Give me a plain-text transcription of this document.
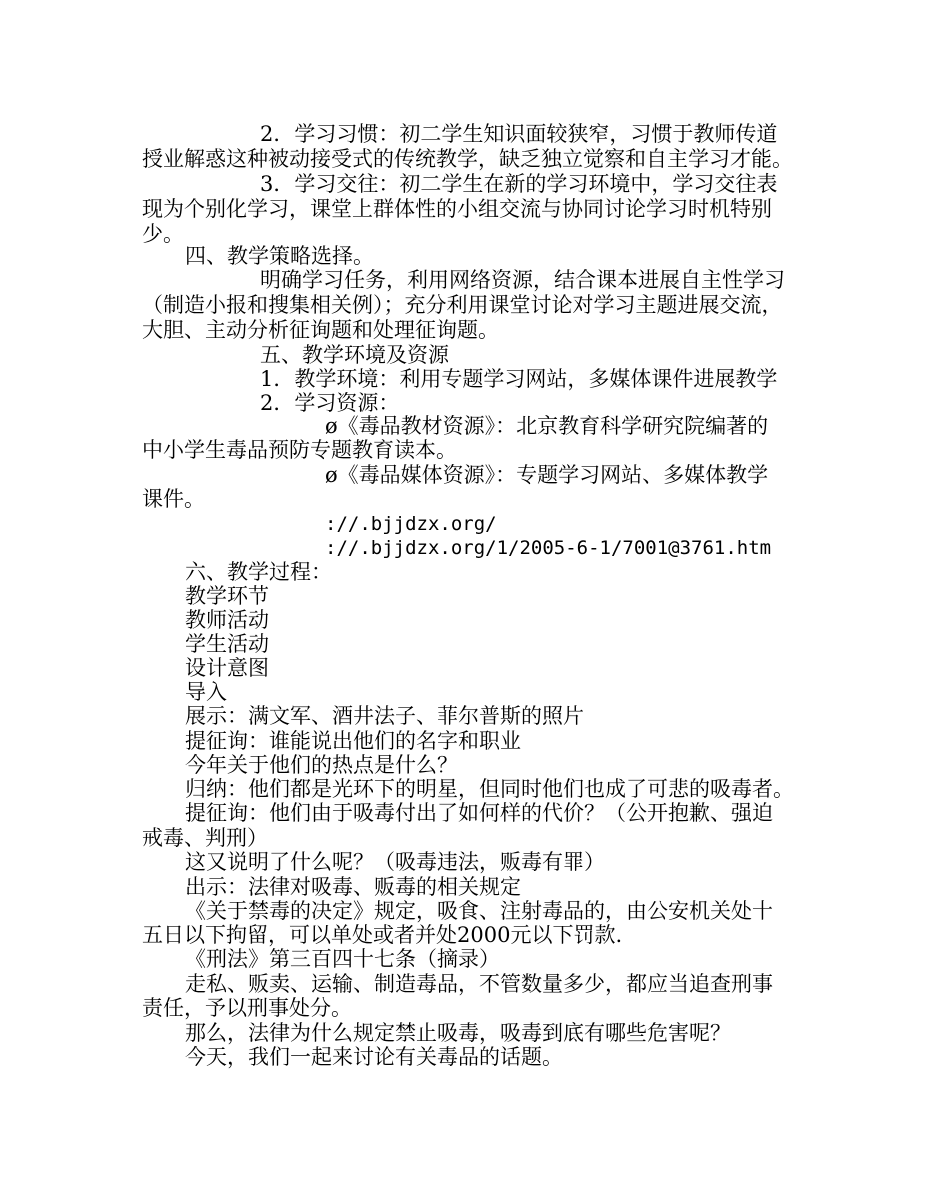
2．学习习惯：初二学生知识面较狭窄，习惯于教师传道
授业解惑这种被动接受式的传统教学，缺乏独立觉察和自主学习才能。
3．学习交往：初二学生在新的学习环境中，学习交往表
现为个别化学习，课堂上群体性的小组交流与协同讨论学习时机特别
少。
四、教学策略选择。
明确学习任务，利用网络资源，结合课本进展自主性学习
（制造小报和搜集相关例）；充分利用课堂讨论对学习主题进展交流，
大胆、主动分析征询题和处理征询题。
五、教学环境及资源
1．教学环境：利用专题学习网站，多媒体课件进展教学
2．学习资源：
ø《毒品教材资源》：北京教育科学研究院编著的
中小学生毒品预防专题教育读本。
ø《毒品媒体资源》：专题学习网站、多媒体教学
课件。
://.bjjdzx.org/
://.bjjdzx.org/1/2005-6-1/7001@3761.htm
六、教学过程：
教学环节
教师活动
学生活动
设计意图
导入
展示：满文军、酒井法子、菲尔普斯的照片
提征询：谁能说出他们的名字和职业
今年关于他们的热点是什么？
归纳：他们都是光环下的明星，但同时他们也成了可悲的吸毒者。
提征询：他们由于吸毒付出了如何样的代价？（公开抱歉、强迫
戒毒、判刑）
这又说明了什么呢？（吸毒违法，贩毒有罪）
出示：法律对吸毒、贩毒的相关规定
《关于禁毒的决定》规定，吸食、注射毒品的，由公安机关处十
五日以下拘留，可以单处或者并处2000元以下罚款.
《刑法》第三百四十七条（摘录）
走私、贩卖、运输、制造毒品，不管数量多少，都应当追查刑事
责任，予以刑事处分。
那么，法律为什么规定禁止吸毒，吸毒到底有哪些危害呢？
今天，我们一起来讨论有关毒品的话题。
